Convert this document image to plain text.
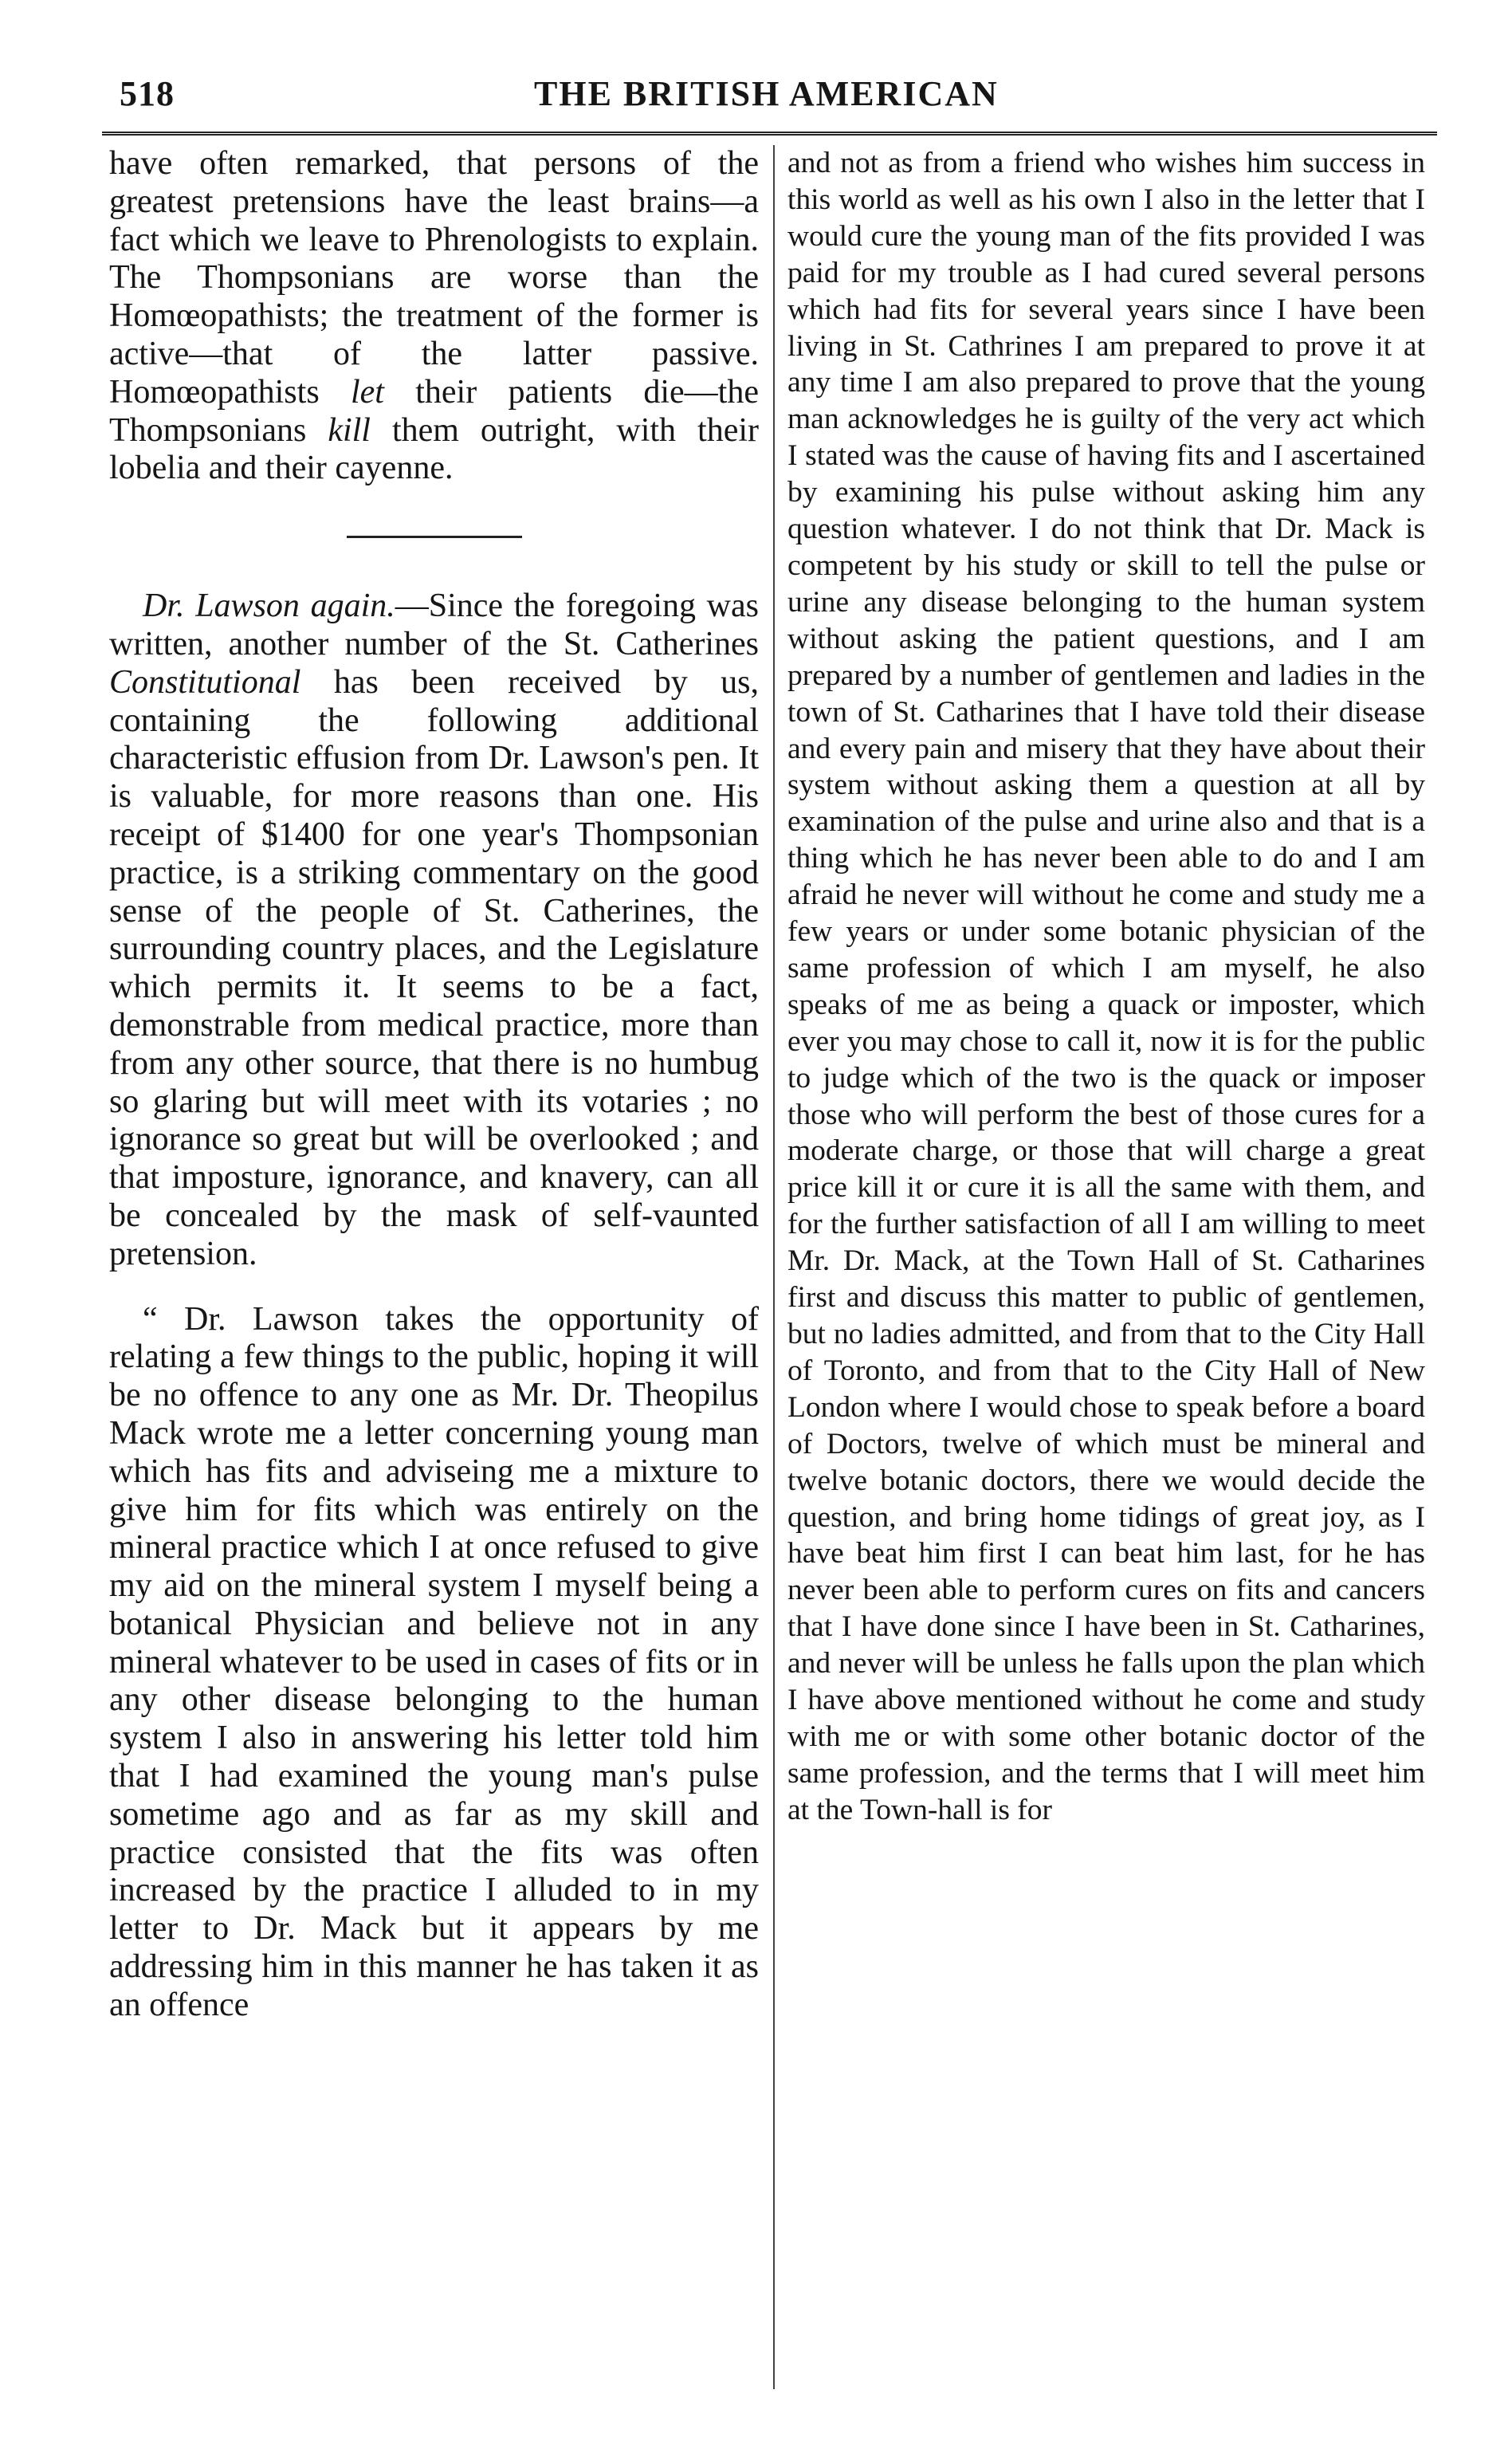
518	THE BRITISH AMERICAN

have often remarked, that persons of the greatest pretensions have the least brains—a fact which we leave to Phrenologists to explain. The Thompsonians are worse than the Homœopathists; the treatment of the former is active—that of the latter passive. Homœopathists let their patients die—the Thompsonians kill them outright, with their lobelia and their cayenne.

Dr. Lawson again.—Since the foregoing was written, another number of the St. Catherines Constitutional has been received by us, containing the following additional characteristic effusion from Dr. Lawson's pen. It is valuable, for more reasons than one. His receipt of $1400 for one year's Thompsonian practice, is a striking commentary on the good sense of the people of St. Catherines, the surrounding country places, and the Legislature which permits it. It seems to be a fact, demonstrable from medical practice, more than from any other source, that there is no humbug so glaring but will meet with its votaries ; no ignorance so great but will be overlooked ; and that imposture, ignorance, and knavery, can all be concealed by the mask of self-vaunted pretension.

“ Dr. Lawson takes the opportunity of relating a few things to the public, hoping it will be no offence to any one as Mr. Dr. Theopilus Mack wrote me a letter concerning young man which has fits and adviseing me a mixture to give him for fits which was entirely on the mineral practice which I at once refused to give my aid on the mineral system I myself being a botanical Physician and believe not in any mineral whatever to be used in cases of fits or in any other disease belonging to the human system I also in answering his letter told him that I had examined the young man's pulse sometime ago and as far as my skill and practice consisted that the fits was often increased by the practice I alluded to in my letter to Dr. Mack but it appears by me addressing him in this manner he has taken it as an offence

and not as from a friend who wishes him success in this world as well as his own I also in the letter that I would cure the young man of the fits provided I was paid for my trouble as I had cured several persons which had fits for several years since I have been living in St. Cathrines I am prepared to prove it at any time I am also prepared to prove that the young man acknowledges he is guilty of the very act which I stated was the cause of having fits and I ascertained by examining his pulse without asking him any question whatever. I do not think that Dr. Mack is competent by his study or skill to tell the pulse or urine any disease belonging to the human system without asking the patient questions, and I am prepared by a number of gentlemen and ladies in the town of St. Catharines that I have told their disease and every pain and misery that they have about their system without asking them a question at all by examination of the pulse and urine also and that is a thing which he has never been able to do and I am afraid he never will without he come and study me a few years or under some botanic physician of the same profession of which I am myself, he also speaks of me as being a quack or imposter, which ever you may chose to call it, now it is for the public to judge which of the two is the quack or imposer those who will perform the best of those cures for a moderate charge, or those that will charge a great price kill it or cure it is all the same with them, and for the further satisfaction of all I am willing to meet Mr. Dr. Mack, at the Town Hall of St. Catharines first and discuss this matter to public of gentlemen, but no ladies admitted, and from that to the City Hall of Toronto, and from that to the City Hall of New London where I would chose to speak before a board of Doctors, twelve of which must be mineral and twelve botanic doctors, there we would decide the question, and bring home tidings of great joy, as I have beat him first I can beat him last, for he has never been able to perform cures on fits and cancers that I have done since I have been in St. Catharines, and never will be unless he falls upon the plan which I have above mentioned without he come and study with me or with some other botanic doctor of the same profession, and the terms that I will meet him at the Town-hall is for
